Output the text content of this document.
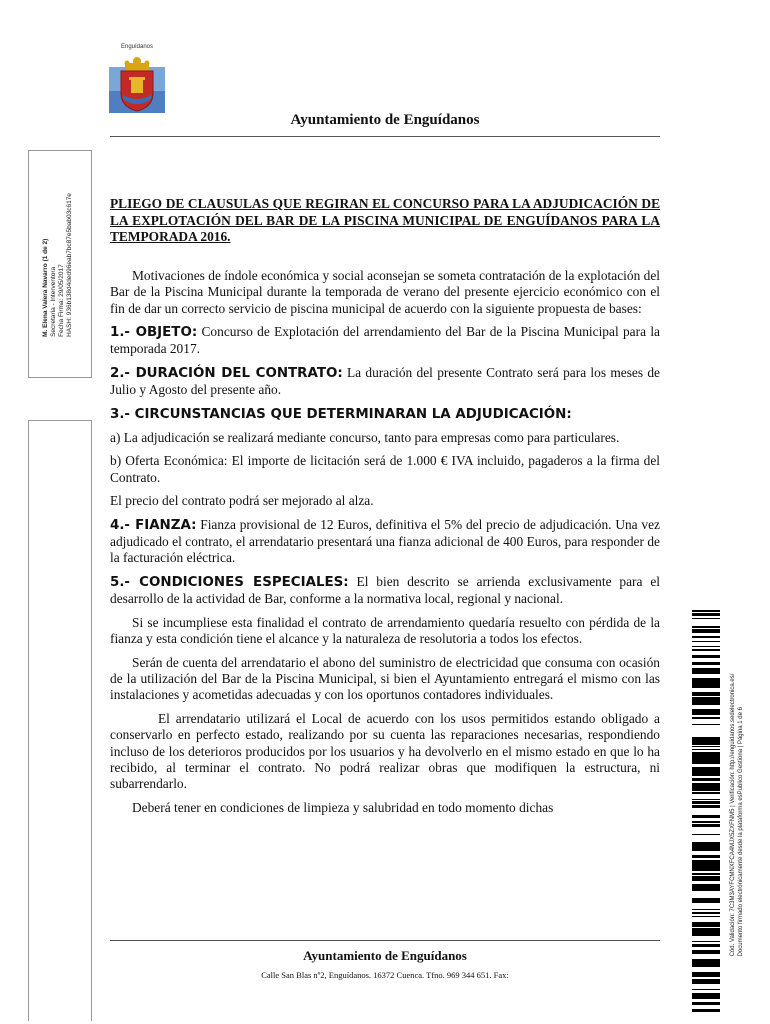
Enguídanos
Ayuntamiento de Enguídanos
M. Elena Valera Navarro (1 de 2) Secretaria - Interventora Fecha Firma: 29/05/2017 HASH: 936b138d4ded96eab7bc87e5bab03c617e
Cód. Validación: 7C3M3AYFCMNXFCA4MJX5ZXFNM5 | Verificación: http://enguidanos.sedelectronica.es/ Documento firmado electrónicamente desde la plataforma esPublico Gestiona | Página 1 de 6

PLIEGO DE CLAUSULAS QUE REGIRAN EL CONCURSO PARA LA ADJUDICACIÓN DE LA EXPLOTACIÓN DEL BAR DE LA PISCINA MUNICIPAL DE ENGUÍDANOS PARA LA TEMPORADA 2016.

Motivaciones de índole económica y social aconsejan se someta contratación de la explotación del Bar de la Piscina Municipal durante la temporada de verano del presente ejercicio económico con el fin de dar un correcto servicio de piscina municipal de acuerdo con la siguiente propuesta de bases:

1.- OBJETO: Concurso de Explotación del arrendamiento del Bar de la Piscina Municipal para la temporada 2017.

2.- DURACIÓN DEL CONTRATO: La duración del presente Contrato será para los meses de Julio y Agosto del presente año.

3.- CIRCUNSTANCIAS QUE DETERMINARAN LA ADJUDICACIÓN:

a) La adjudicación se realizará mediante concurso, tanto para empresas como para particulares.

b) Oferta Económica: El importe de licitación será de 1.000 € IVA incluido, pagaderos a la firma del Contrato.

El precio del contrato podrá ser mejorado al alza.

4.- FIANZA: Fianza provisional de 12 Euros, definitiva el 5% del precio de adjudicación. Una vez adjudicado el contrato, el arrendatario presentará una fianza adicional de 400 Euros, para responder de la facturación eléctrica.

5.- CONDICIONES ESPECIALES: El bien descrito se arrienda exclusivamente para el desarrollo de la actividad de Bar, conforme a la normativa local, regional y nacional.

Si se incumpliese esta finalidad el contrato de arrendamiento quedaría resuelto con pérdida de la fianza y esta condición tiene el alcance y la naturaleza de resolutoria a todos los efectos.

Serán de cuenta del arrendatario el abono del suministro de electricidad que consuma con ocasión de la utilización del Bar de la Piscina Municipal, si bien el Ayuntamiento entregará el mismo con las instalaciones y acometidas adecuadas y con los oportunos contadores individuales.

El arrendatario utilizará el Local de acuerdo con los usos permitidos estando obligado a conservarlo en perfecto estado, realizando por su cuenta las reparaciones necesarias, respondiendo incluso de los deterioros producidos por los usuarios y ha devolverlo en el mismo estado en que lo ha recibido, al terminar el contrato. No podrá realizar obras que modifiquen la estructura, ni subarrendarlo.

Deberá tener en condiciones de limpieza y salubridad en todo momento dichas

Ayuntamiento de Enguídanos
Calle San Blas nº2, Enguídanos. 16372 Cuenca. Tfno. 969 344 651. Fax:
